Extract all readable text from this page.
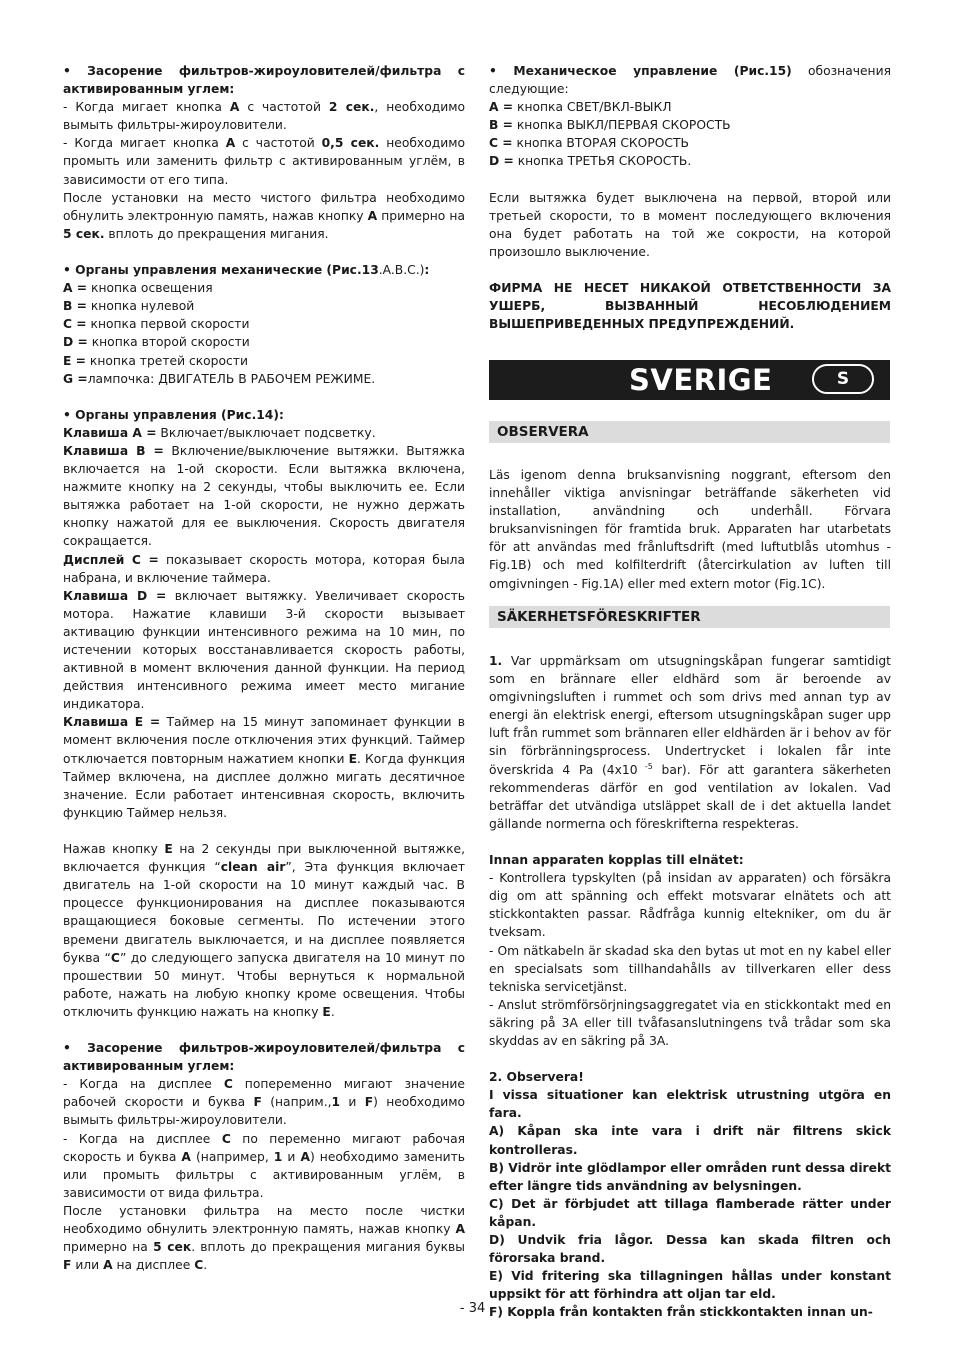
• Засорение фильтров-жироуловителей/фильтра с активированным углем:

- Когда мигает кнопка A с частотой 2 сек., необходимо вымыть фильтры-жироуловители.

- Когда мигает кнопка A с частотой 0,5 сек. необходимо промыть или заменить фильтр с активированным углём, в зависимости от его типа.

После установки на место чистого фильтра необходимо обнулить электронную память, нажав кнопку A примерно на 5 сек. вплоть до прекращения мигания.

• Органы управления механические (Рис.13.A.B.C.):

A = кнопка освещения

B = кнопка нулевой

C = кнопка первой скорости

D = кнопка второй скорости

E = кнопка третей скорости

G =лампочка: ДВИГАТЕЛЬ В РАБОЧЕМ РЕЖИМЕ.

• Органы управления (Рис.14):

Клавиша A = Включает/выключает подсветку.

Клавиша B = Включение/выключение вытяжки. Вытяжка включается на 1-ой скорости. Если вытяжка включена, нажмите кнопку на 2 секунды, чтобы выключить ее. Если вытяжка работает на 1-ой скорости, не нужно держать кнопку нажатой для ее выключения. Скорость двигателя сокращается.

Дисплей C = показывает скорость мотора, которая была набрана, и включение таймера.

Клавиша D = включает вытяжку. Увеличивает скорость мотора. Нажатие клавиши 3-й скорости вызывает активацию функции интенсивного режима на 10 мин, по истечении которых восстанавливается скорость работы, активной в момент включения данной функции. На период действия интенсивного режима имеет место мигание индикатора.

Клавиша E = Таймер на 15 минут запоминает функции в момент включения после отключения этих функций. Таймер отключается повторным нажатием кнопки E. Когда функция Таймер включена, на дисплее должно мигать десятичное значение. Если работает интенсивная скорость, включить функцию Таймер нельзя.

Нажав кнопку E на 2 секунды при выключенной вытяжке, включается функция “clean air”, Эта функция включает двигатель на 1-ой скорости на 10 минут каждый час. В процессе функционирования на дисплее показываются вращающиеся боковые сегменты. По истечении этого времени двигатель выключается, и на дисплее появляется буква “C” до следующего запуска двигателя на 10 минут по прошествии 50 минут. Чтобы вернуться к нормальной работе, нажать на любую кнопку кроме освещения. Чтобы отключить функцию нажать на кнопку E.

• Засорение фильтров-жироуловителей/фильтра с активированным углем:

- Когда на дисплее C попеременно мигают значение рабочей скорости и буква F (наприм.,1 и F) необходимо вымыть фильтры-жироуловители.

- Когда на дисплее C по переменно мигают рабочая скорость и буква A (например, 1 и A) необходимо заменить или промыть фильтры с активированным углём, в зависимости от вида фильтра.

После установки фильтра на место после чистки необходимо обнулить электронную память, нажав кнопку A примерно на 5 сек. вплоть до прекращения мигания буквы F или A на дисплее C.

• Механическое управление (Рис.15) обозначения следующие:

A = кнопка СВЕТ/ВКЛ-ВЫКЛ

B = кнопка ВЫКЛ/ПЕРВАЯ СКОРОСТЬ

C = кнопка ВТОРАЯ СКОРОСТЬ

D = кнопка ТРЕТЬЯ СКОРОСТЬ.

Если вытяжка будет выключена на первой, второй или третьей скорости, то в момент последующего включения она будет работать на той же сокрости, на которой произошло выключение.

ФИРМА НЕ НЕСЕТ НИКАКОЙ ОТВЕТСТВЕННОСТИ ЗА УШЕРБ, ВЫЗВАННЫЙ НЕСОБЛЮДЕНИЕМ ВЫШЕПРИВЕДЕННЫХ ПРЕДУПРЕЖДЕНИЙ.

SVERIGE	S
OBSERVERA

Läs igenom denna bruksanvisning noggrant, eftersom den innehåller viktiga anvisningar beträffande säkerheten vid installation, användning och underhåll. Förvara bruksanvisningen för framtida bruk. Apparaten har utarbetats för att användas med frånluftsdrift (med luftutblås utomhus - Fig.1B) och med kolfilterdrift (återcirkulation av luften till omgivningen - Fig.1A) eller med extern motor (Fig.1C).

SÄKERHETSFÖRESKRIFTER

1. Var uppmärksam om utsugningskåpan fungerar samtidigt som en brännare eller eldhärd som är beroende av omgivningsluften i rummet och som drivs med annan typ av energi än elektrisk energi, eftersom utsugningskåpan suger upp luft från rummet som brännaren eller eldhärden är i behov av för sin förbränningsprocess. Undertrycket i lokalen får inte överskrida 4 Pa (4x10 $^{-5}$ bar). För att garantera säkerheten rekommenderas därför en god ventilation av lokalen. Vad beträffar det utvändiga utsläppet skall de i det aktuella landet gällande normerna och föreskrifterna respekteras.

Innan apparaten kopplas till elnätet:

- Kontrollera typskylten (på insidan av apparaten) och försäkra dig om att spänning och effekt motsvarar elnätets och att stickkontakten passar. Rådfråga kunnig eltekniker, om du är tveksam.

- Om nätkabeln är skadad ska den bytas ut mot en ny kabel eller en specialsats som tillhandahålls av tillverkaren eller dess tekniska servicetjänst.

- Anslut strömförsörjningsaggregatet via en stickkontakt med en säkring på 3A eller till tvåfasanslutningens två trådar som ska skyddas av en säkring på 3A.

2. Observera!

I vissa situationer kan elektrisk utrustning utgöra en fara.

A) Kåpan ska inte vara i drift när filtrens skick kontrolleras.

B) Vidrör inte glödlampor eller områden runt dessa direkt efter längre tids användning av belysningen.

C) Det är förbjudet att tillaga flamberade rätter under kåpan.

D) Undvik fria lågor. Dessa kan skada filtren och förorsaka brand.

E) Vid fritering ska tillagningen hållas under konstant uppsikt för att förhindra att oljan tar eld.

F) Koppla från kontakten från stickkontakten innan un-

- 34 -
